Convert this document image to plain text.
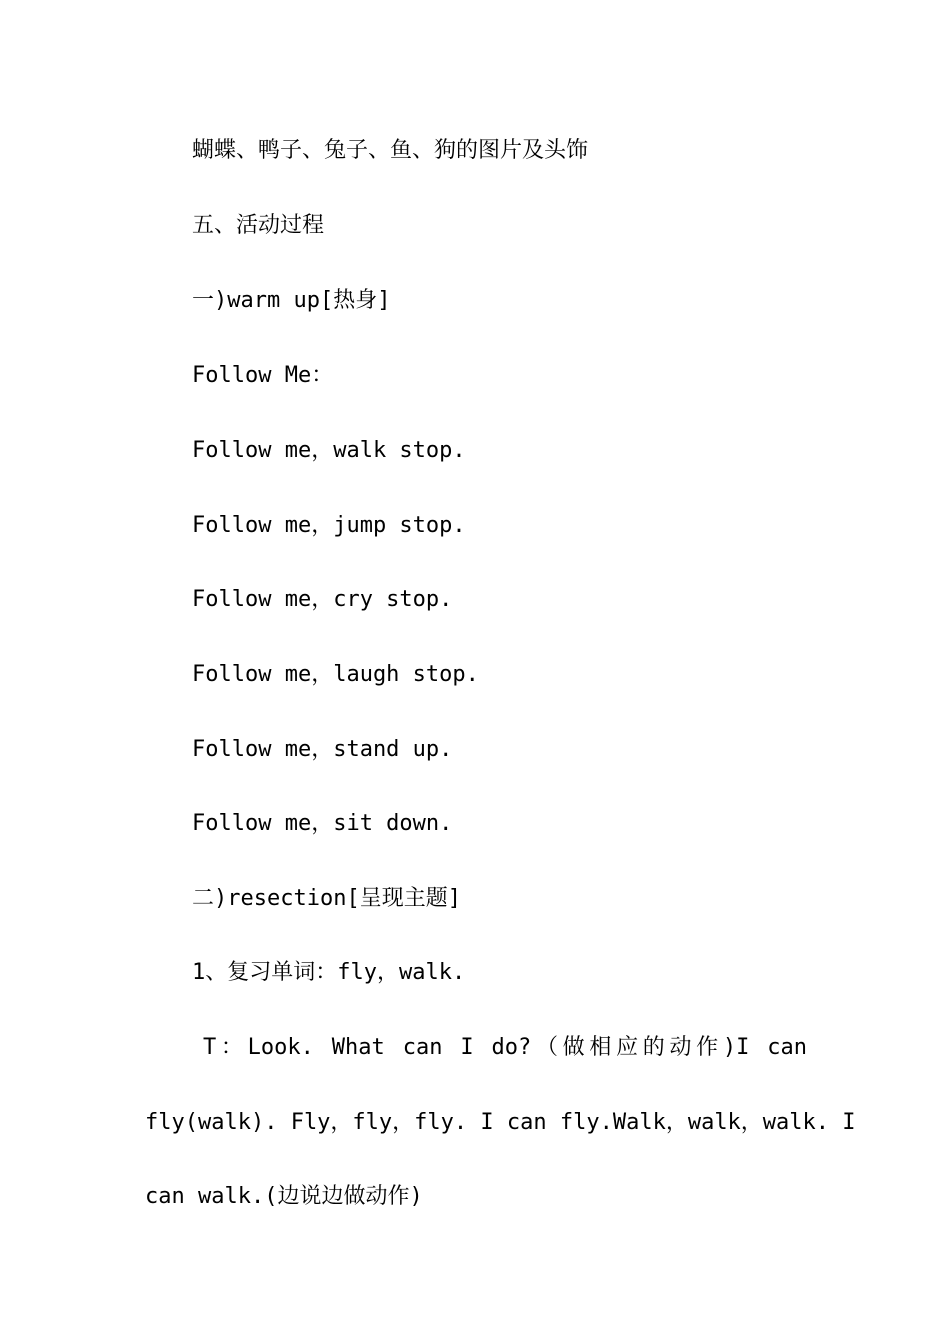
蝴蝶、鸭子、兔子、鱼、狗的图片及头饰
五、活动过程
一)warm up[热身]
Follow Me：
Follow me，walk stop.
Follow me，jump stop.
Follow me，cry stop.
Follow me，laugh stop.
Follow me，stand up.
Follow me，sit down.
二)resection[呈现主题]
1、复习单词：fly，walk.
T：Look. What can I do?（做相应的动作)I can
fly(walk). Fly，fly，fly. I can fly.Walk，walk，walk. I
can walk.(边说边做动作)
